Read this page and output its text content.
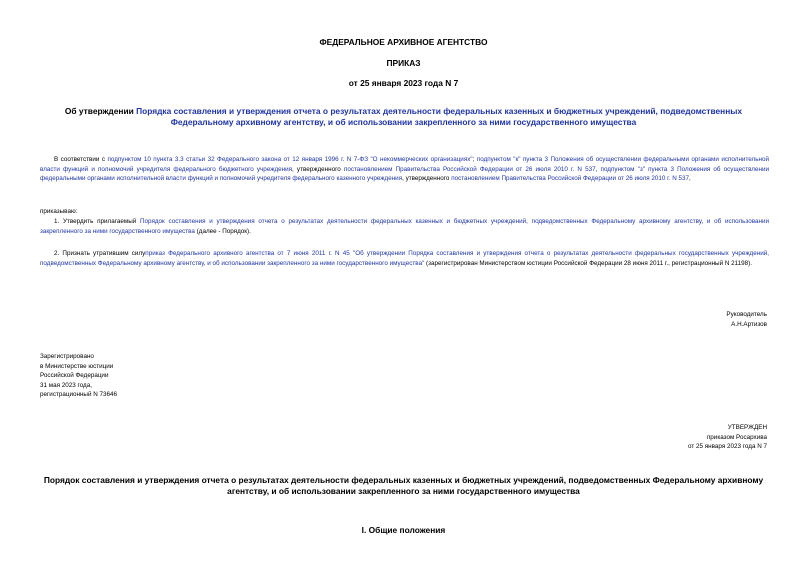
ФЕДЕРАЛЬНОЕ АРХИВНОЕ АГЕНТСТВО
ПРИКАЗ
от 25 января 2023 года N 7
Об утверждении Порядка составления и утверждения отчета о результатах деятельности федеральных казенных и бюджетных учреждений, подведомственных Федеральному архивному агентству, и об использовании закрепленного за ними государственного имущества
В соответствии с подпунктом 10 пункта 3.3 статьи 32 Федерального закона от 12 января 1996 г. N 7-ФЗ "О некоммерческих организациях"; подпунктом "к" пункта 3 Положения об осуществлении федеральными органами исполнительной власти функций и полномочий учредителя федерального бюджетного учреждения, утвержденного постановлением Правительства Российской Федерации от 26 июля 2010 г. N 537, подпунктом "з" пункта 3 Положения об осуществлении федеральными органами исполнительной власти функций и полномочий учредителя федерального казенного учреждения, утвержденного постановлением Правительства Российской Федерации от 26 июля 2010 г. N 537,
приказываю:
1. Утвердить прилагаемый Порядок составления и утверждения отчета о результатах деятельности федеральных казенных и бюджетных учреждений, подведомственных Федеральному архивному агентству, и об использовании закрепленного за ними государственного имущества (далее - Порядок).
2. Признать утратившим силуприказ Федерального архивного агентства от 7 июня 2011 г. N 45 "Об утверждении Порядка составления и утверждения отчета о результатах деятельности федеральных государственных учреждений, подведомственных Федеральному архивному агентству, и об использовании закрепленного за ними государственного имущества" (зарегистрирован Министерством юстиции Российской Федерации 28 июня 2011 г., регистрационный N 21198).
Руководитель
А.Н.Артизов
Зарегистрировано
в Министерстве юстиции
Российской Федерации
31 мая 2023 года,
регистрационный N 73646
УТВЕРЖДЕН
приказом Росархива
от 25 января 2023 года N 7
Порядок составления и утверждения отчета о результатах деятельности федеральных казенных и бюджетных учреждений, подведомственных Федеральному архивному агентству, и об использовании закрепленного за ними государственного имущества
I. Общие положения
